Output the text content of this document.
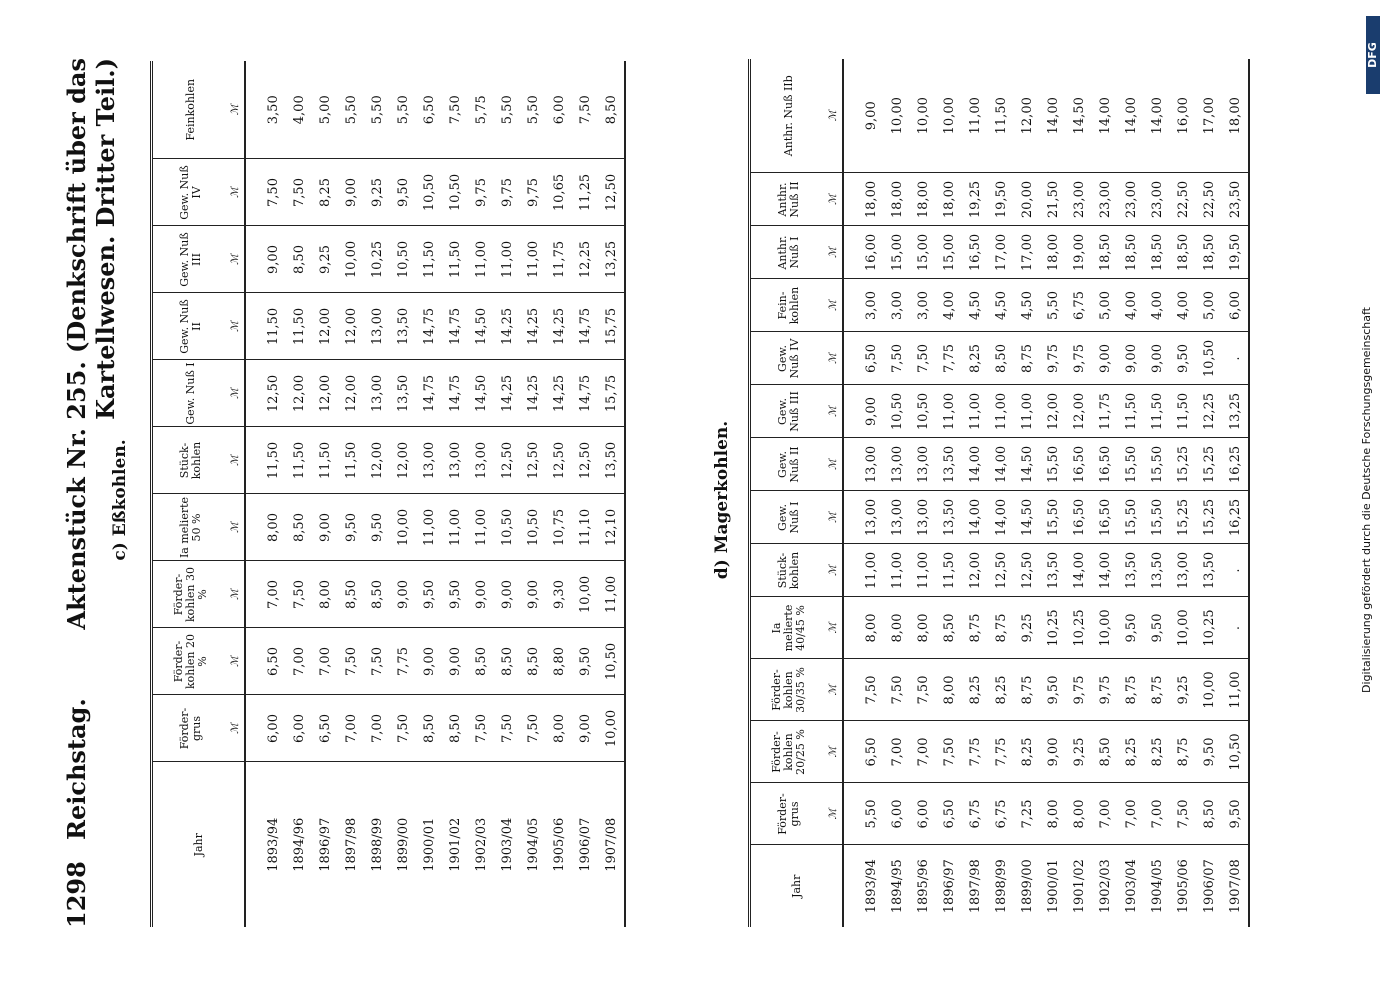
1298
Reichstag.
Aktenstück Nr. 255. (Denkschrift über das Kartellwesen. Dritter Teil.)
c) Eßkohlen.
Jahr	Förder-grus	Förder-kohlen 20 %	Förder-kohlen 30 %	Ia melierte 50 %	Stück-kohlen	Gew. Nuß I	Gew. Nuß II	Gew. Nuß III	Gew. Nuß IV	Feinkohlen
	ℳ	ℳ	ℳ	ℳ	ℳ	ℳ	ℳ	ℳ	ℳ	ℳ
1893/94	6,00	6,50	7,00	8,00	11,50	12,50	11,50	9,00	7,50	3,50
1894/96	6,00	7,00	7,50	8,50	11,50	12,00	11,50	8,50	7,50	4,00
1896/97	6,50	7,00	8,00	9,00	11,50	12,00	12,00	9,25	8,25	5,00
1897/98	7,00	7,50	8,50	9,50	11,50	12,00	12,00	10,00	9,00	5,50
1898/99	7,00	7,50	8,50	9,50	12,00	13,00	13,00	10,25	9,25	5,50
1899/00	7,50	7,75	9,00	10,00	12,00	13,50	13,50	10,50	9,50	5,50
1900/01	8,50	9,00	9,50	11,00	13,00	14,75	14,75	11,50	10,50	6,50
1901/02	8,50	9,00	9,50	11,00	13,00	14,75	14,75	11,50	10,50	7,50
1902/03	7,50	8,50	9,00	11,00	13,00	14,50	14,50	11,00	9,75	5,75
1903/04	7,50	8,50	9,00	10,50	12,50	14,25	14,25	11,00	9,75	5,50
1904/05	7,50	8,50	9,00	10,50	12,50	14,25	14,25	11,00	9,75	5,50
1905/06	8,00	8,80	9,30	10,75	12,50	14,25	14,25	11,75	10,65	6,00
1906/07	9,00	9,50	10,00	11,10	12,50	14,75	14,75	12,25	11,25	7,50
1907/08	10,00	10,50	11,00	12,10	13,50	15,75	15,75	13,25	12,50	8,50
d) Magerkohlen.
Jahr	Förder-grus	Förder-kohlen 20/25 %	Förder-kohlen 30/35 %	Ia melierte 40/45 %	Stück-kohlen	Gew. Nuß I	Gew. Nuß II	Gew. Nuß III	Gew. Nuß IV	Fein-kohlen	Anthr. Nuß I	Anthr. Nuß II	Anthr. Nuß IIb
	ℳ	ℳ	ℳ	ℳ	ℳ	ℳ	ℳ	ℳ	ℳ	ℳ	ℳ	ℳ	ℳ
1893/94	5,50	6,50	7,50	8,00	11,00	13,00	13,00	9,00	6,50	3,00	16,00	18,00	9,00
1894/95	6,00	7,00	7,50	8,00	11,00	13,00	13,00	10,50	7,50	3,00	15,00	18,00	10,00
1895/96	6,00	7,00	7,50	8,00	11,00	13,00	13,00	10,50	7,50	3,00	15,00	18,00	10,00
1896/97	6,50	7,50	8,00	8,50	11,50	13,50	13,50	11,00	7,75	4,00	15,00	18,00	10,00
1897/98	6,75	7,75	8,25	8,75	12,00	14,00	14,00	11,00	8,25	4,50	16,50	19,25	11,00
1898/99	6,75	7,75	8,25	8,75	12,50	14,00	14,00	11,00	8,50	4,50	17,00	19,50	11,50
1899/00	7,25	8,25	8,75	9,25	12,50	14,50	14,50	11,00	8,75	4,50	17,00	20,00	12,00
1900/01	8,00	9,00	9,50	10,25	13,50	15,50	15,50	12,00	9,75	5,50	18,00	21,50	14,00
1901/02	8,00	9,25	9,75	10,25	14,00	16,50	16,50	12,00	9,75	6,75	19,00	23,00	14,50
1902/03	7,00	8,50	9,75	10,00	14,00	16,50	16,50	11,75	9,00	5,00	18,50	23,00	14,00
1903/04	7,00	8,25	8,75	9,50	13,50	15,50	15,50	11,50	9,00	4,00	18,50	23,00	14,00
1904/05	7,00	8,25	8,75	9,50	13,50	15,50	15,50	11,50	9,00	4,00	18,50	23,00	14,00
1905/06	7,50	8,75	9,25	10,00	13,00	15,25	15,25	11,50	9,50	4,00	18,50	22,50	16,00
1906/07	8,50	9,50	10,00	10,25	13,50	15,25	15,25	12,25	10,50	5,00	18,50	22,50	17,00
1907/08	9,50	10,50	11,00	.	.	16,25	16,25	13,25	.	6,00	19,50	23,50	18,00
Digitalisierung gefördert durch die Deutsche Forschungsgemeinschaft
DFG
